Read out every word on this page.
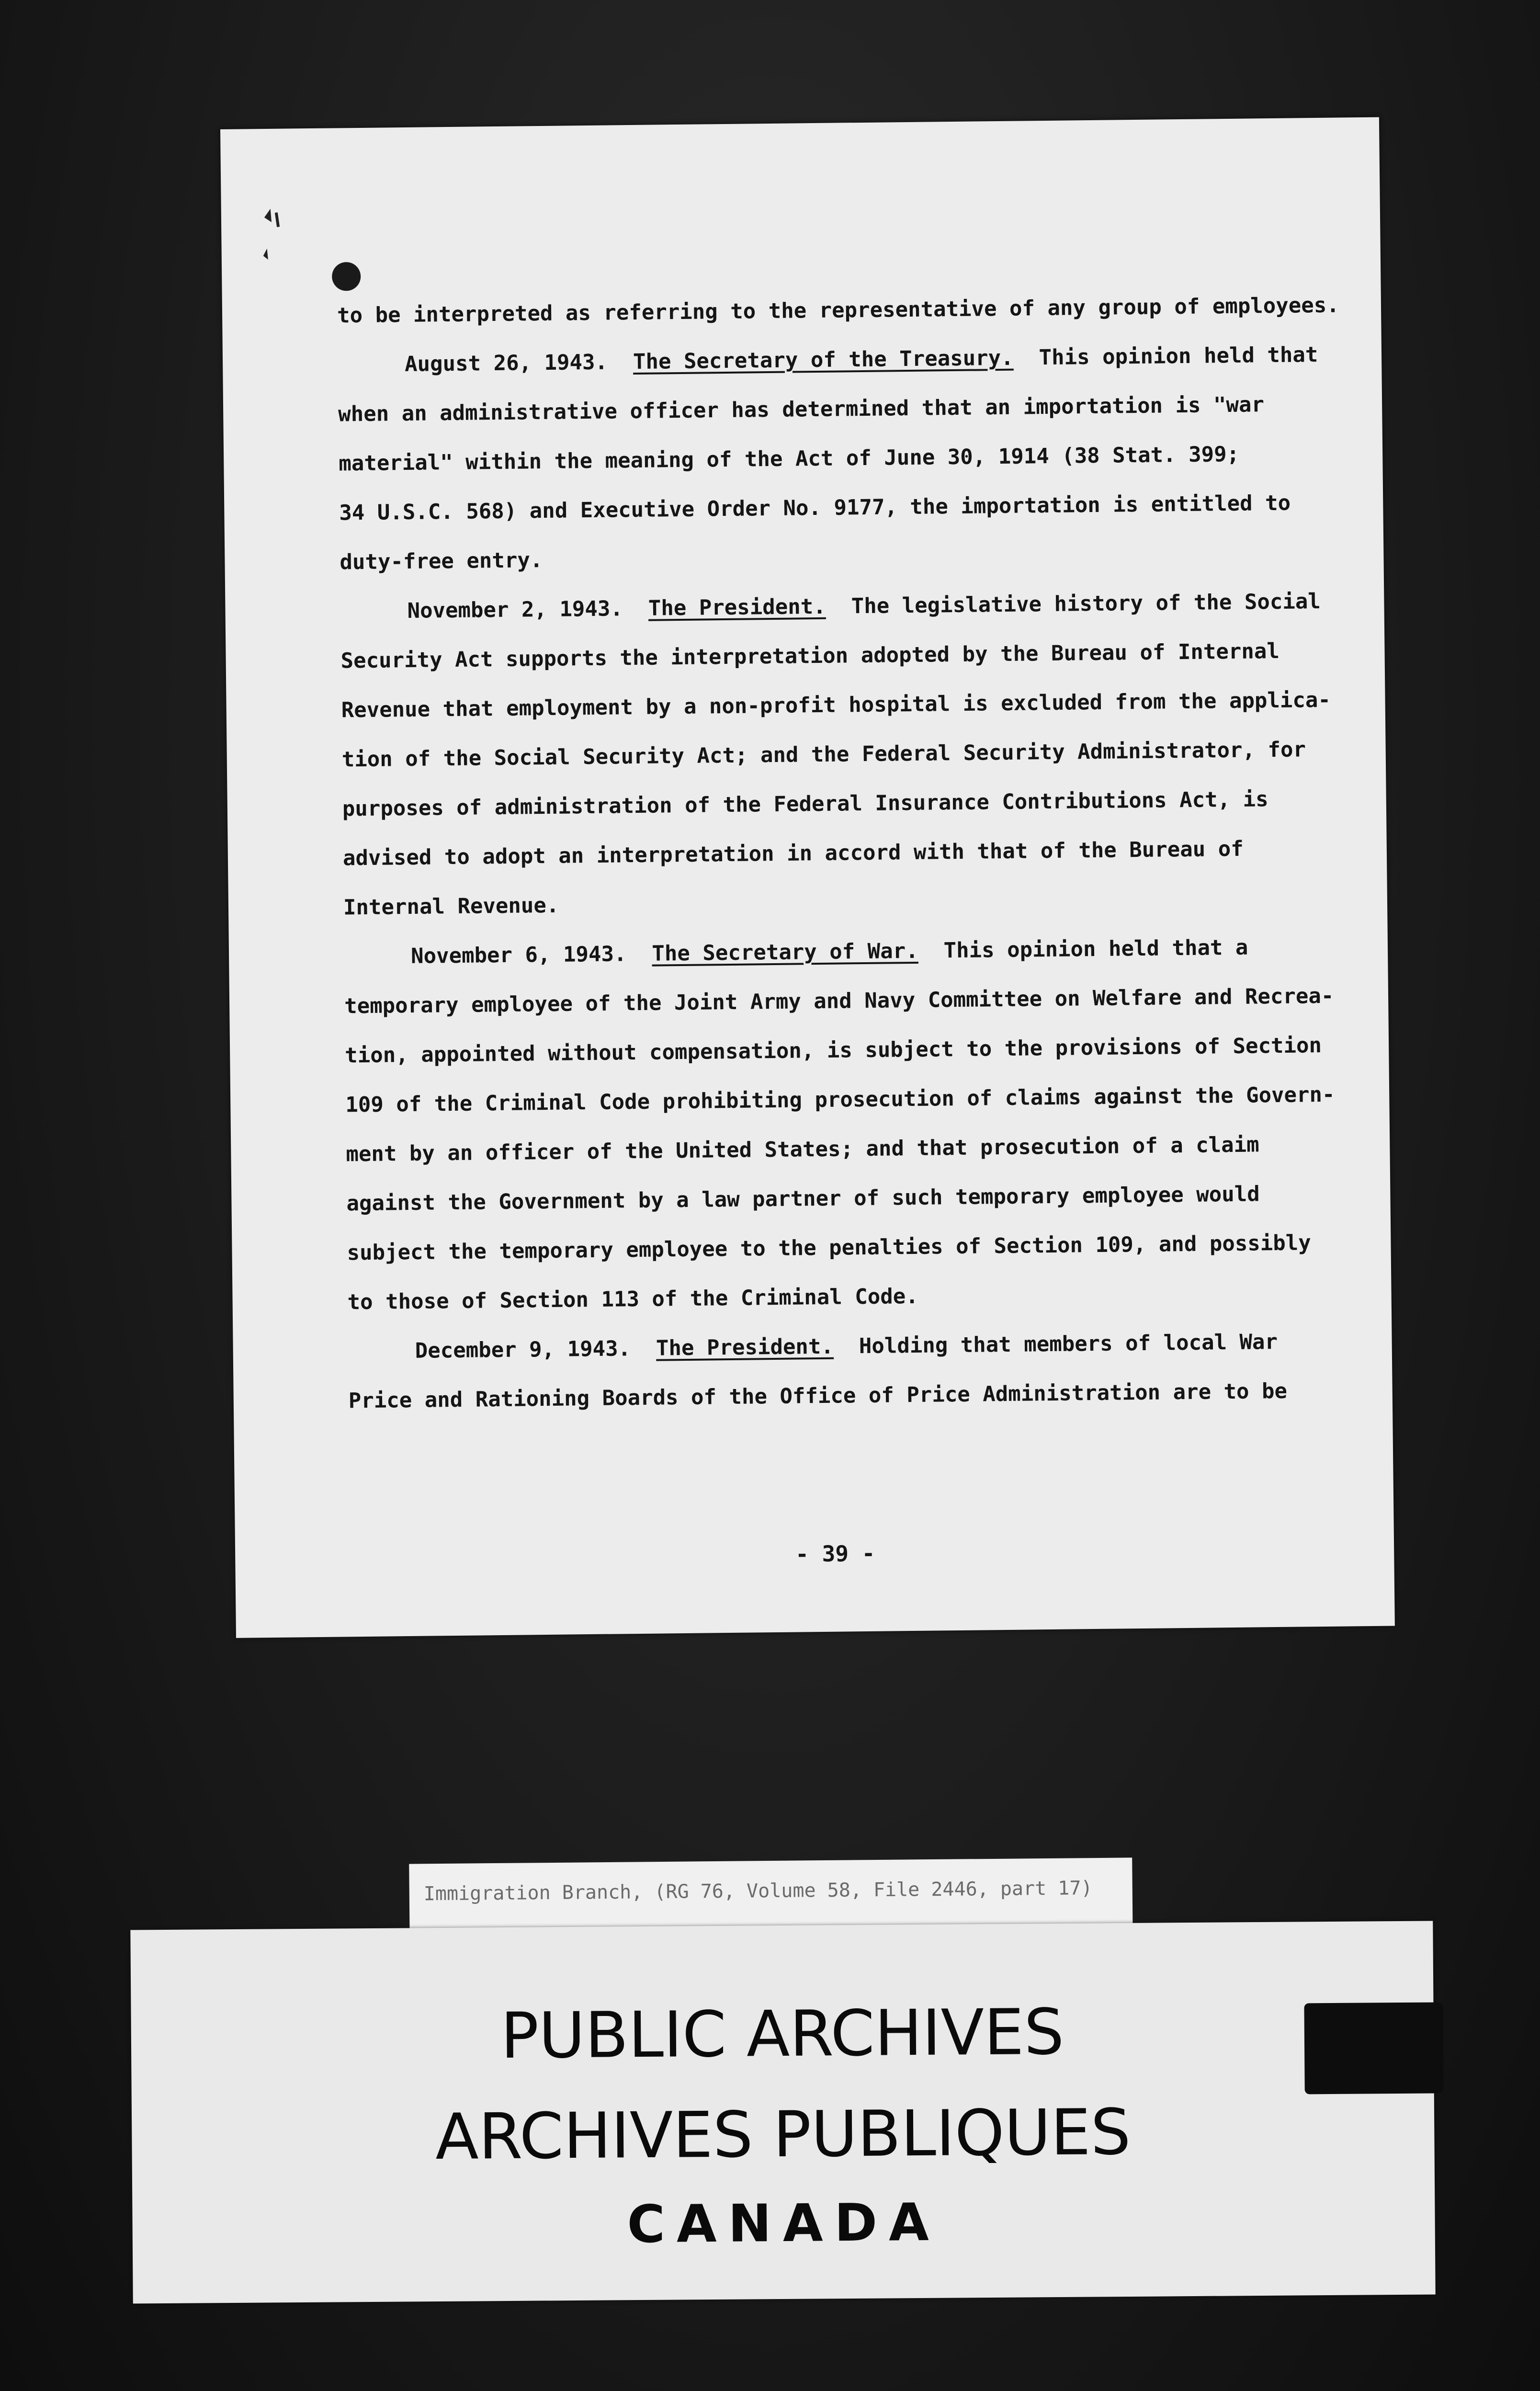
to be interpreted as referring to the representative of any group of employees.
August 26, 1943.  The Secretary of the Treasury.  This opinion held that
when an administrative officer has determined that an importation is "war
material" within the meaning of the Act of June 30, 1914 (38 Stat. 399;
34 U.S.C. 568) and Executive Order No. 9177, the importation is entitled to
duty-free entry.
November 2, 1943.  The President.  The legislative history of the Social
Security Act supports the interpretation adopted by the Bureau of Internal
Revenue that employment by a non-profit hospital is excluded from the applica-
tion of the Social Security Act; and the Federal Security Administrator, for
purposes of administration of the Federal Insurance Contributions Act, is
advised to adopt an interpretation in accord with that of the Bureau of
Internal Revenue.
November 6, 1943.  The Secretary of War.  This opinion held that a
temporary employee of the Joint Army and Navy Committee on Welfare and Recrea-
tion, appointed without compensation, is subject to the provisions of Section
109 of the Criminal Code prohibiting prosecution of claims against the Govern-
ment by an officer of the United States; and that prosecution of a claim
against the Government by a law partner of such temporary employee would
subject the temporary employee to the penalties of Section 109, and possibly
to those of Section 113 of the Criminal Code.
December 9, 1943.  The President.  Holding that members of local War
Price and Rationing Boards of the Office of Price Administration are to be
- 39 -
Immigration Branch, (RG 76, Volume 58, File 2446, part 17)
PUBLIC ARCHIVES
ARCHIVES PUBLIQUES
CANADA
